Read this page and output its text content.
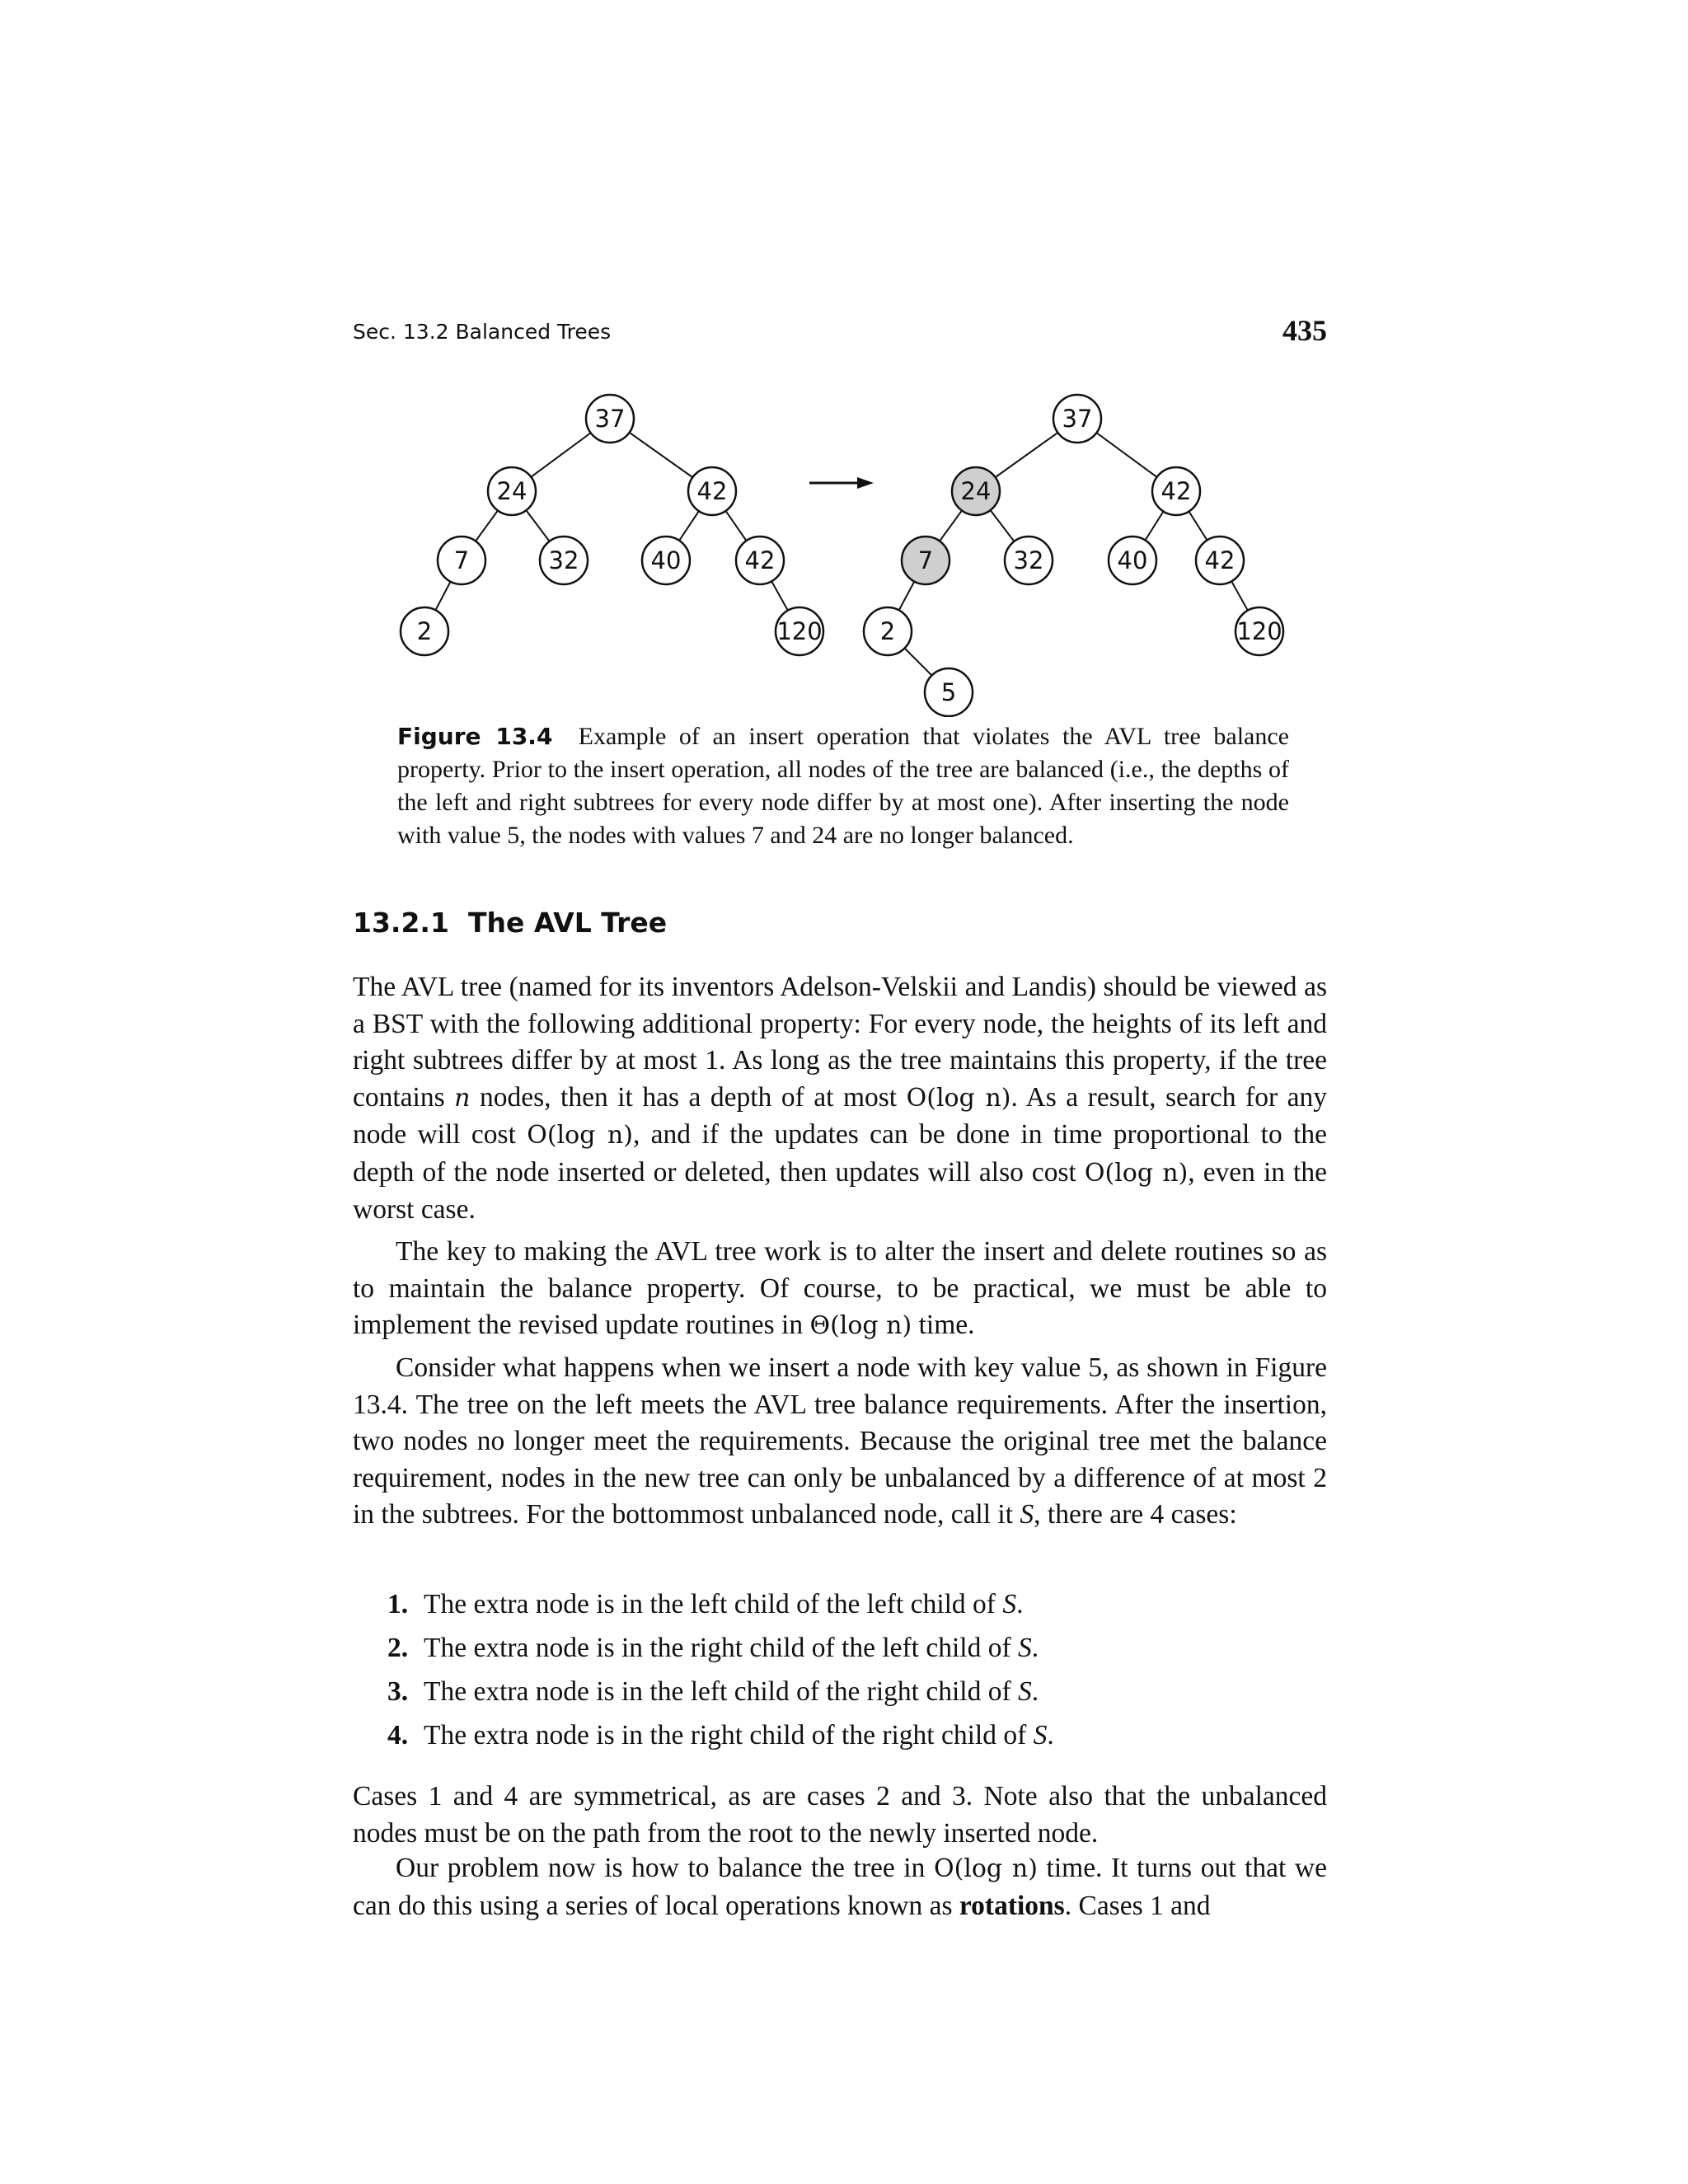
Sec. 13.2 Balanced Trees	435
37
24	42
7	32	40	42
2	120
37
24	42
7	32	40 42
2	120
5
Figure 13.4 Example of an insert operation that violates the AVL tree balance property. Prior to the insert operation, all nodes of the tree are balanced (i.e., the depths of the left and right subtrees for every node differ by at most one). After inserting the node with value 5, the nodes with values 7 and 24 are no longer balanced.
13.2.1 The AVL Tree

The AVL tree (named for its inventors Adelson-Velskii and Landis) should be viewed as a BST with the following additional property: For every node, the heights of its left and right subtrees differ by at most 1. As long as the tree maintains this property, if the tree contains n nodes, then it has a depth of at most O(log n). As a result, search for any node will cost O(log n), and if the updates can be done in time proportional to the depth of the node inserted or deleted, then updates will also cost O(log n), even in the worst case.

The key to making the AVL tree work is to alter the insert and delete routines so as to maintain the balance property. Of course, to be practical, we must be able to implement the revised update routines in Θ(log n) time.

Consider what happens when we insert a node with key value 5, as shown in Figure 13.4. The tree on the left meets the AVL tree balance requirements. After the insertion, two nodes no longer meet the requirements. Because the original tree met the balance requirement, nodes in the new tree can only be unbalanced by a difference of at most 2 in the subtrees. For the bottommost unbalanced node, call it S, there are 4 cases:

1. The extra node is in the left child of the left child of S.
2. The extra node is in the right child of the left child of S.
3. The extra node is in the left child of the right child of S.
4. The extra node is in the right child of the right child of S.

Cases 1 and 4 are symmetrical, as are cases 2 and 3. Note also that the unbalanced nodes must be on the path from the root to the newly inserted node.

Our problem now is how to balance the tree in O(log n) time. It turns out that we can do this using a series of local operations known as rotations. Cases 1 and
